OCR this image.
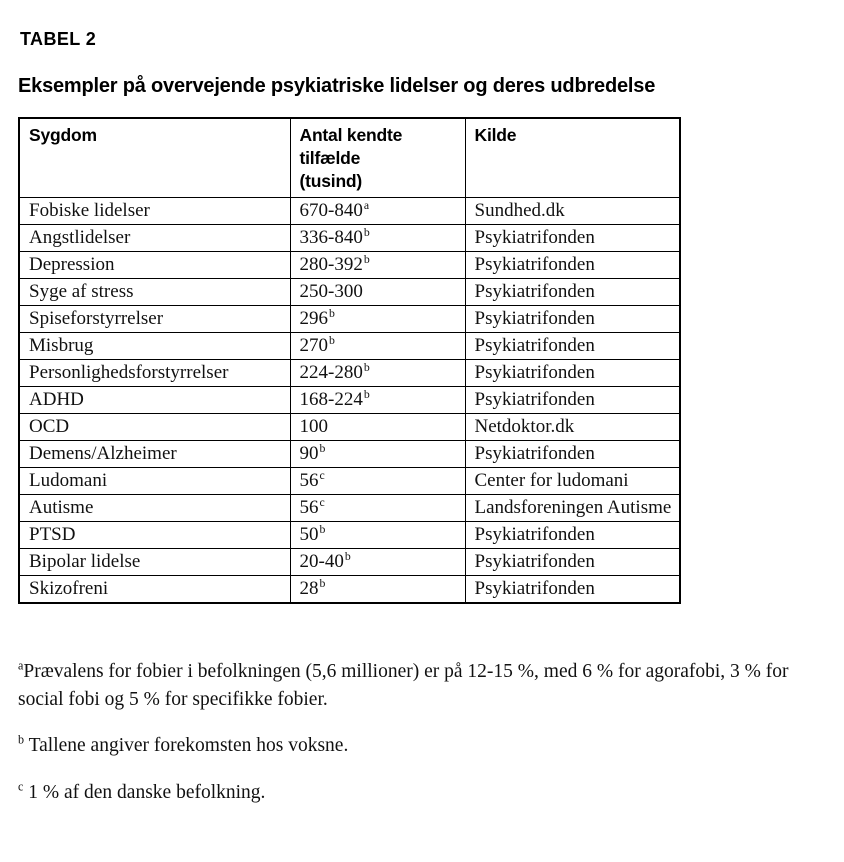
TABEL 2
Eksempler på overvejende psykiatriske lidelser og deres udbredelse
Sygdom	Antal kendte tilfælde (tusind)	Kilde
Fobiske lidelser	670-840$^a$	Sundhed.dk
Angstlidelser	336-840$^b$	Psykiatrifonden
Depression	280-392$^b$	Psykiatrifonden
Syge af stress	250-300	Psykiatrifonden
Spiseforstyrrelser	296$^b$	Psykiatrifonden
Misbrug	270$^b$	Psykiatrifonden
Personlighedsforstyrrelser	224-280$^b$	Psykiatrifonden
ADHD	168-224$^b$	Psykiatrifonden
OCD	100	Netdoktor.dk
Demens/Alzheimer	90$^b$	Psykiatrifonden
Ludomani	56$^c$	Center for ludomani
Autisme	56$^c$	Landsforeningen Autisme
PTSD	50$^b$	Psykiatrifonden
Bipolar lidelse	20-40$^b$	Psykiatrifonden
Skizofreni	28$^b$	Psykiatrifonden

$^a$Prævalens for fobier i befolkningen (5,6 millioner) er på 12-15 %, med 6 % for agorafobi, 3 % for social fobi og 5 % for specifikke fobier.

$^b$ Tallene angiver forekomsten hos voksne.

$^c$ 1 % af den danske befolkning.
